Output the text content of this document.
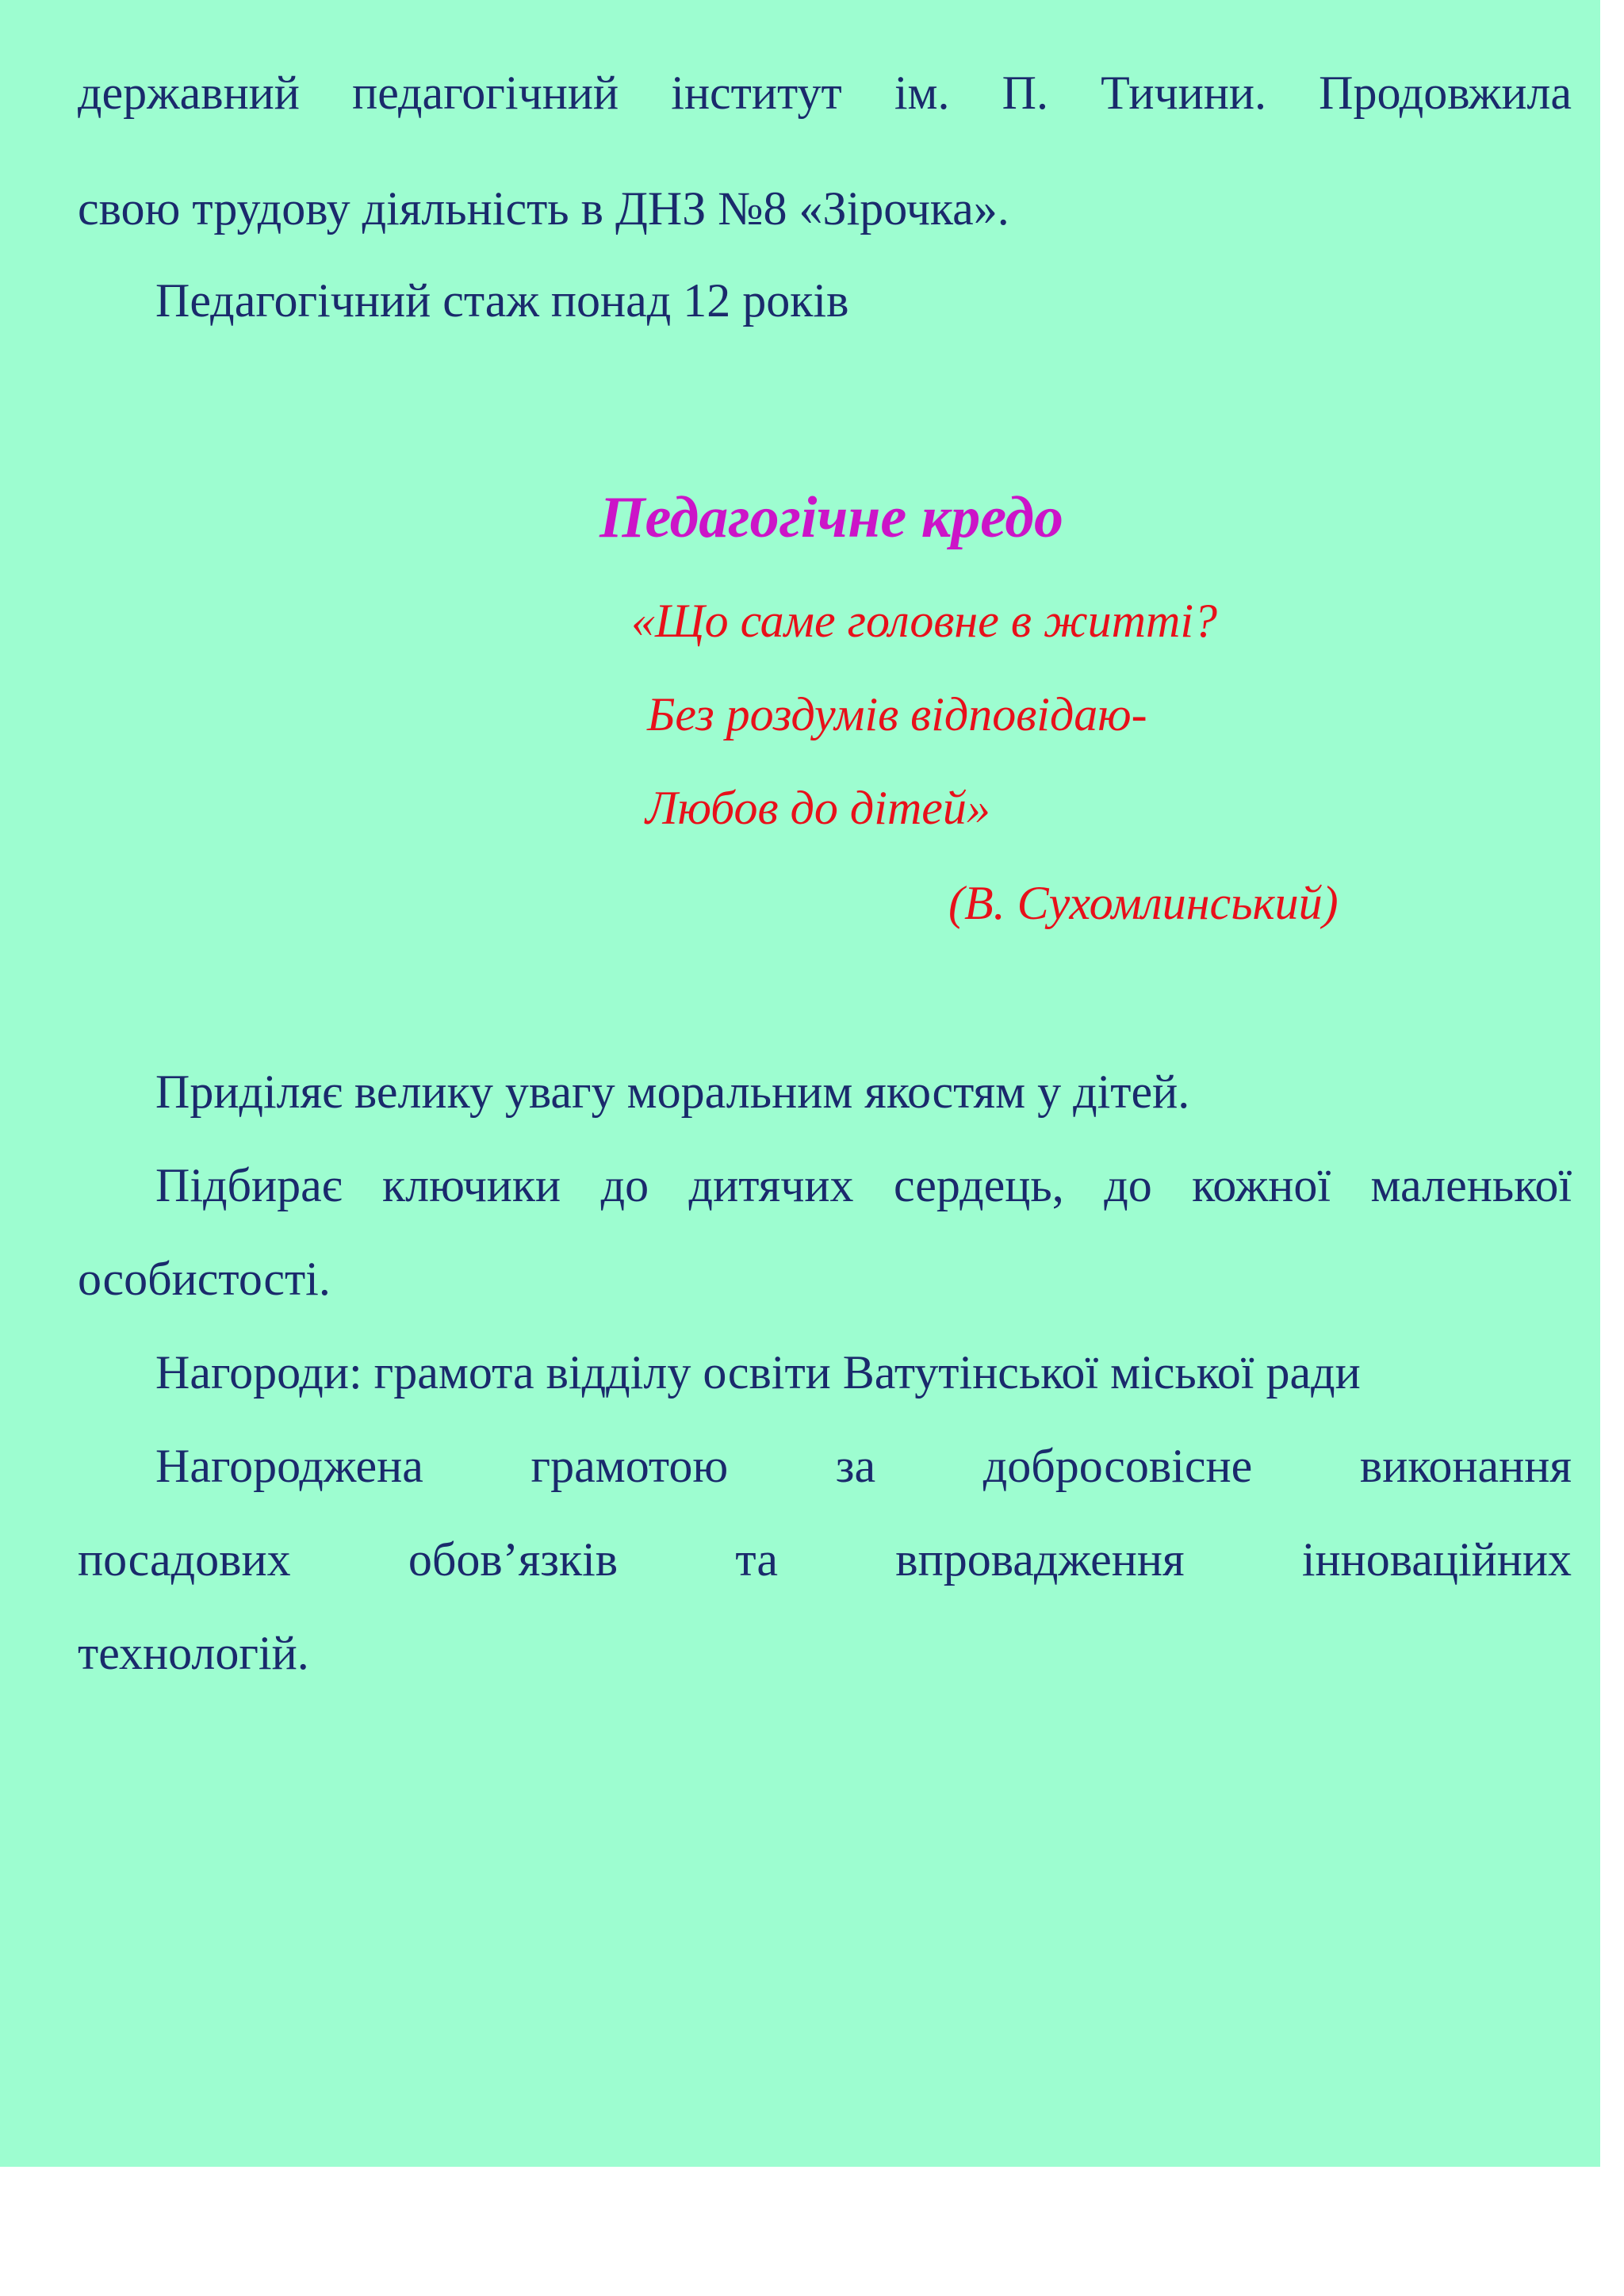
державний педагогічний інститут ім. П. Тичини. Продовжила
свою трудову діяльність в ДНЗ №8 «Зірочка».
Педагогічний стаж понад 12 років
Педагогічне кредо
«Що саме головне в житті?
Без роздумів відповідаю-
Любов до дітей»
(В. Сухомлинський)
Приділяє велику увагу моральним якостям у дітей.
Підбирає ключики до дитячих сердець, до кожної маленької
особистості.
Нагороди: грамота відділу освіти Ватутінської міської ради
Нагороджена грамотою за добросовісне виконання
посадових обов’язків та впровадження інноваційних
технологій.
